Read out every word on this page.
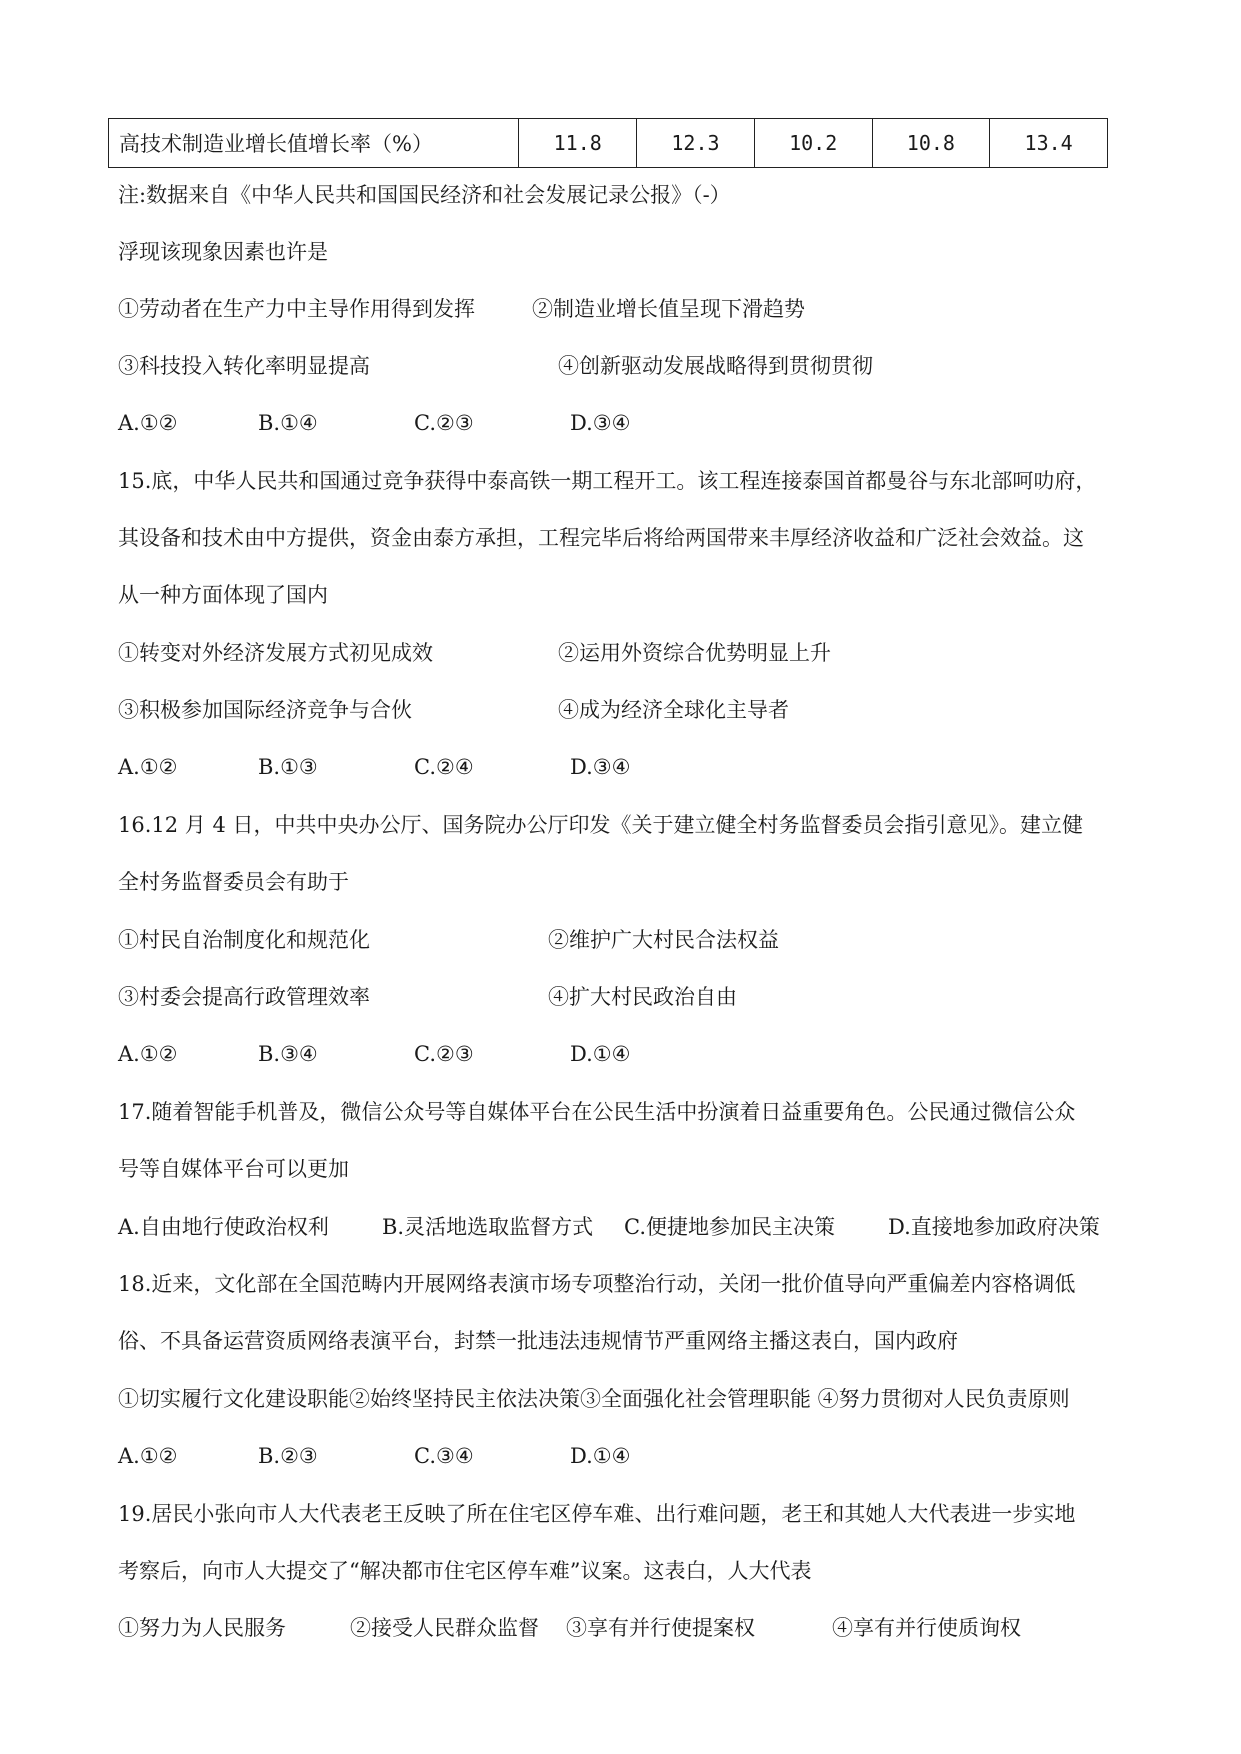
高技术制造业增长值增长率（%）	11.8	12.3	10.2	10.8	13.4
注:数据来自《中华人民共和国国民经济和社会发展记录公报》（-）
浮现该现象因素也许是
①劳动者在生产力中主导作用得到发挥	②制造业增长值呈现下滑趋势
③科技投入转化率明显提高	④创新驱动发展战略得到贯彻贯彻
A.①②	B.①④	C.②③	D.③④
15.底，中华人民共和国通过竞争获得中泰高铁一期工程开工。该工程连接泰国首都曼谷与东北部呵叻府，
其设备和技术由中方提供，资金由泰方承担，工程完毕后将给两国带来丰厚经济收益和广泛社会效益。这
从一种方面体现了国内
①转变对外经济发展方式初见成效	②运用外资综合优势明显上升
③积极参加国际经济竞争与合伙	④成为经济全球化主导者
A.①②	B.①③	C.②④	D.③④
16.12 月 4 日，中共中央办公厅、国务院办公厅印发《关于建立健全村务监督委员会指引意见》。建立健
全村务监督委员会有助于
①村民自治制度化和规范化	②维护广大村民合法权益
③村委会提高行政管理效率	④扩大村民政治自由
A.①②	B.③④	C.②③	D.①④
17.随着智能手机普及，微信公众号等自媒体平台在公民生活中扮演着日益重要角色。公民通过微信公众
号等自媒体平台可以更加
A.自由地行使政治权利	B.灵活地选取监督方式 C.便捷地参加民主决策	D.直接地参加政府决策
18.近来，文化部在全国范畴内开展网络表演市场专项整治行动，关闭一批价值导向严重偏差内容格调低
俗、不具备运营资质网络表演平台，封禁一批违法违规情节严重网络主播这表白，国内政府
①切实履行文化建设职能②始终坚持民主依法决策③全面强化社会管理职能 ④努力贯彻对人民负责原则
A.①②	B.②③	C.③④	D.①④
19.居民小张向市人大代表老王反映了所在住宅区停车难、出行难问题，老王和其她人大代表进一步实地
考察后，向市人大提交了“解决都市住宅区停车难”议案。这表白，人大代表
①努力为人民服务	②接受人民群众监督 ③享有并行使提案权	④享有并行使质询权
